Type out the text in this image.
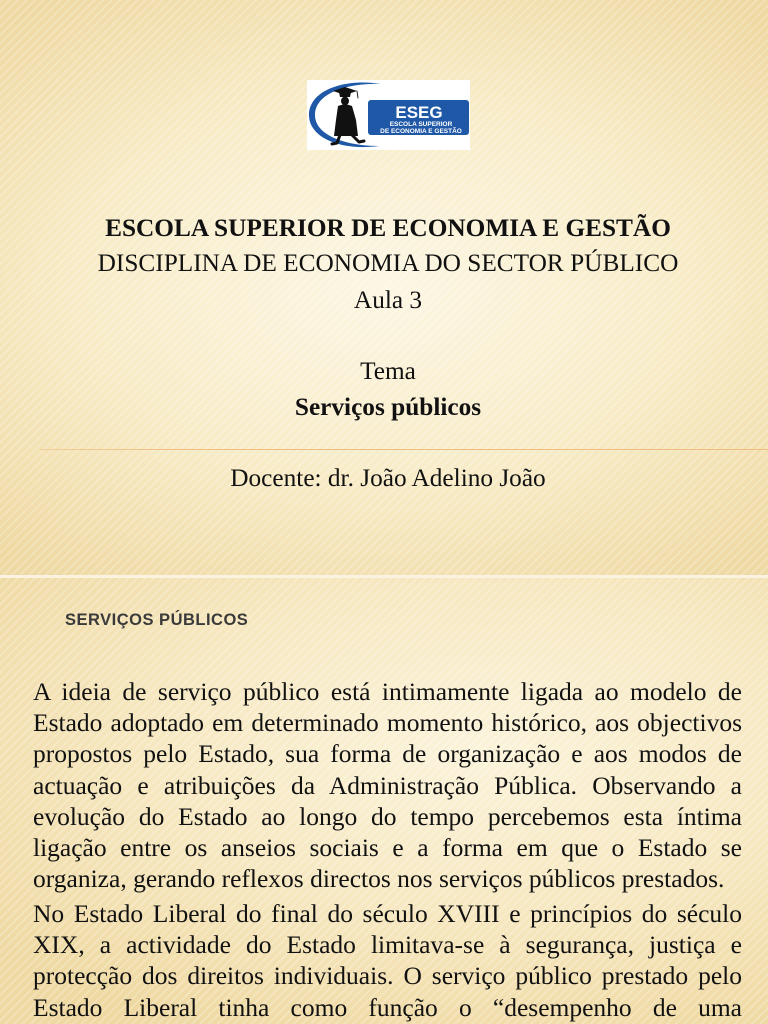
ESEG
ESCOLA SUPERIOR
DE ECONOMIA E GESTÃO
ESCOLA SUPERIOR DE ECONOMIA E GESTÃO
DISCIPLINA DE ECONOMIA DO SECTOR PÚBLICO
Aula 3
Tema
Serviços públicos
Docente: dr. João Adelino João
SERVIÇOS PÚBLICOS

A ideia de serviço público está intimamente ligada ao modelo de Estado adoptado em determinado momento histórico, aos objectivos propostos pelo Estado, sua forma de organização e aos modos de actuação e atribuições da Administração Pública. Observando a evolução do Estado ao longo do tempo percebemos esta íntima ligação entre os anseios sociais e a forma em que o Estado se organiza, gerando reflexos directos nos serviços públicos prestados.

No Estado Liberal do final do século XVIII e princípios do século XIX, a actividade do Estado limitava-se à segurança, justiça e protecção dos direitos individuais. O serviço público prestado pelo Estado Liberal tinha como função o “desempenho de uma
